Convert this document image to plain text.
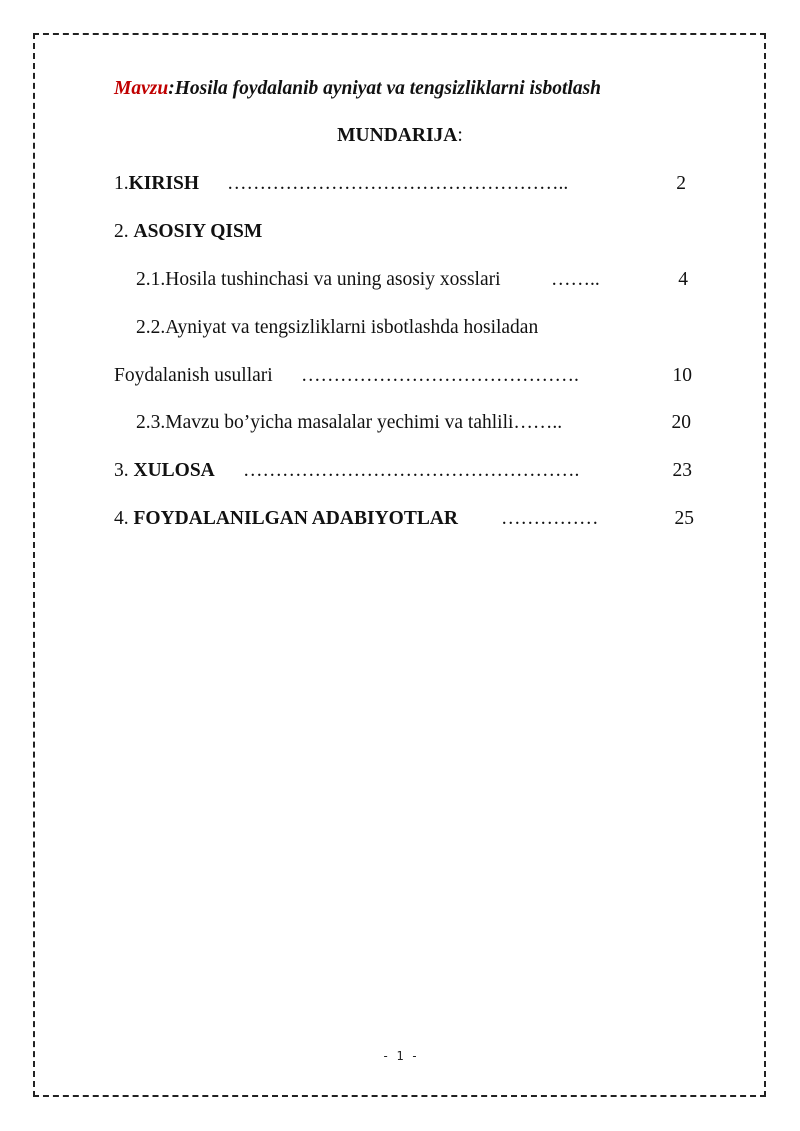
Mavzu:Hosila foydalanib ayniyat va tengsizliklarni isbotlash
MUNDARIJA:
1.KIRISH ……………………………………………..	2
2. ASOSIY QISM
2.1.Hosila tushinchasi va uning asosiy xosslari	……..	4
2.2.Ayniyat va tengsizliklarni isbotlashda hosiladan
Foydalanish usullari …………………………………….	10
2.3.Mavzu bo’yicha masalalar yechimi va tahlili……..	20
3. XULOSA …………………………………………….	23
4. FOYDALANILGAN ADABIYOTLAR ……………	25
- 1 -
